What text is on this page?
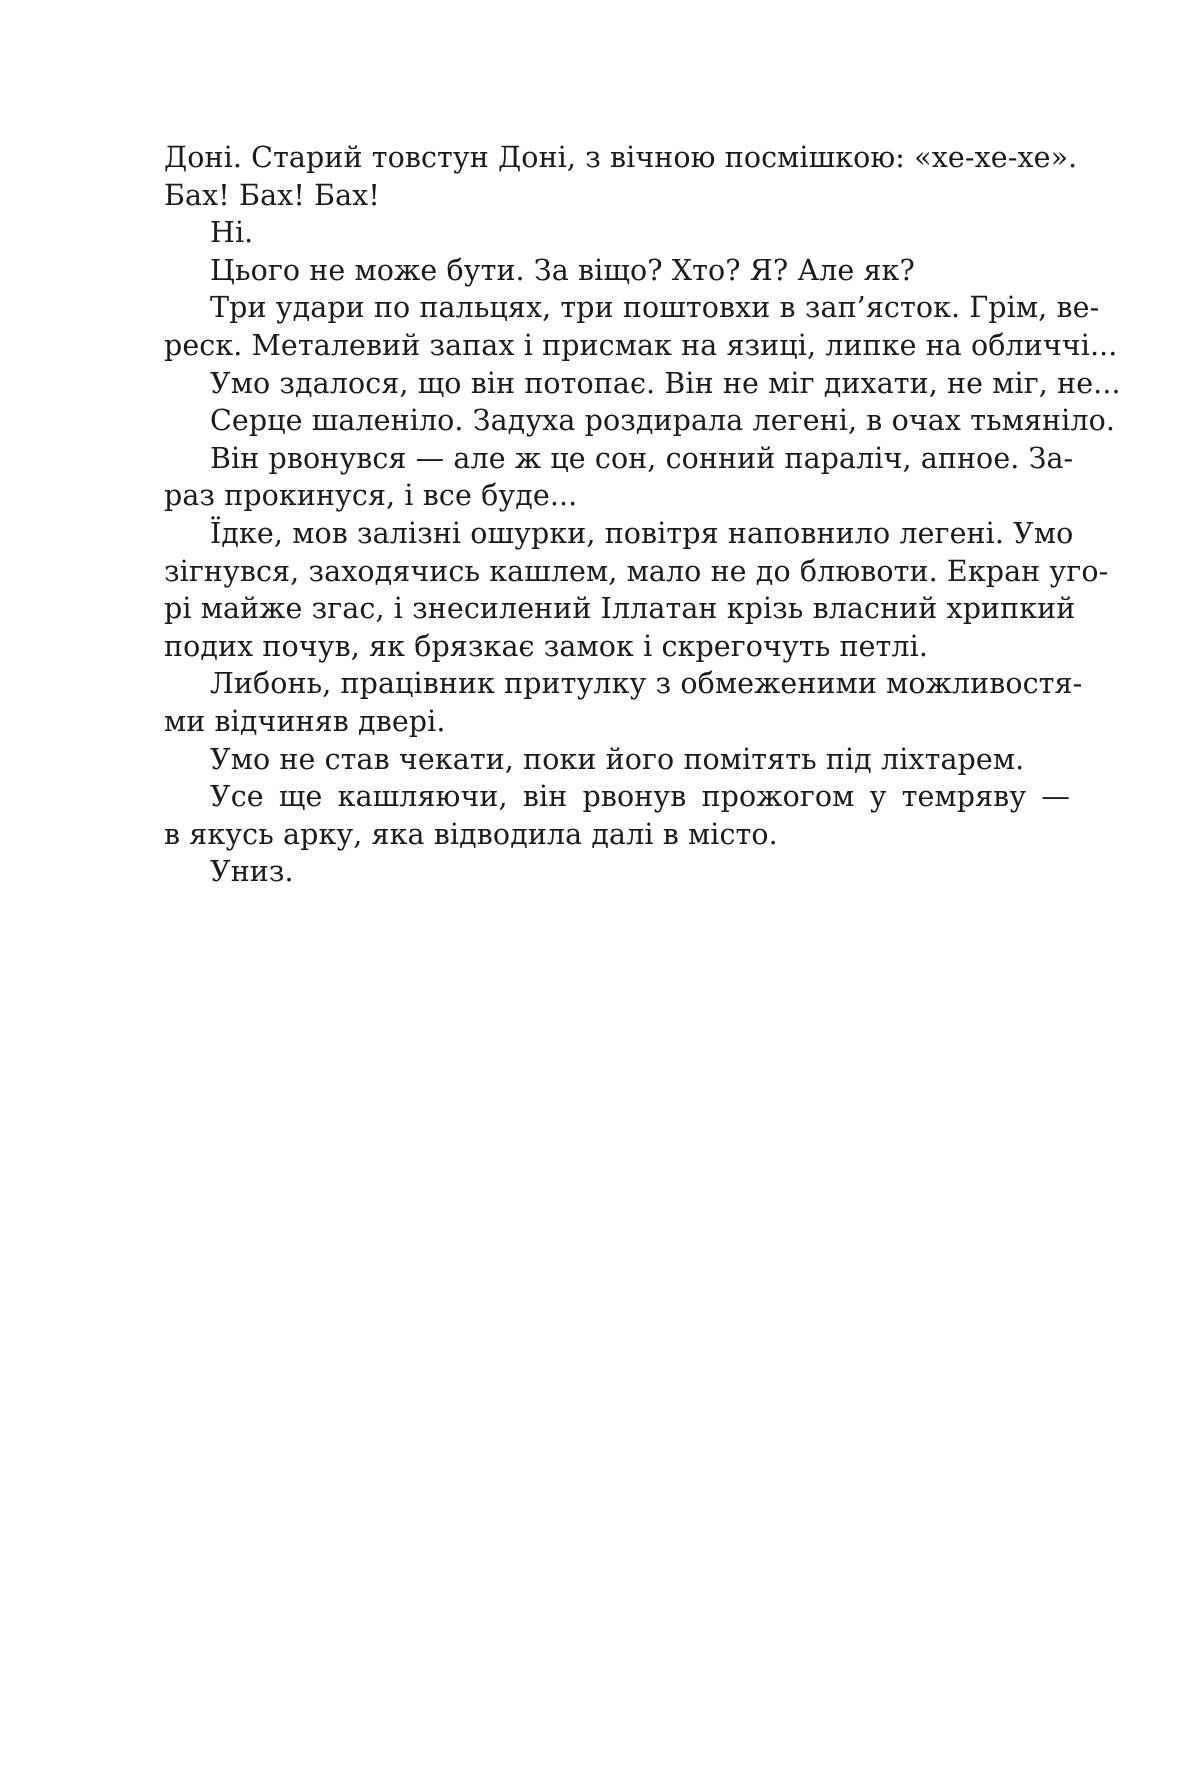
Доні. Старий товстун Доні, з вічною посмішкою: «хе-хе-хе».
Бах! Бах! Бах!
Ні.
Цього не може бути. За віщо? Хто? Я? Але як?
Три удари по пальцях, три поштовхи в зап’ясток. Грім, ве-
реск. Металевий запах і присмак на язиці, липке на обличчі...
Умо здалося, що він потопає. Він не міг дихати, не міг, не...
Серце шаленіло. Задуха роздирала легені, в очах тьмяніло.
Він рвонувся — але ж це сон, сонний параліч, апное. За-
раз прокинуся, і все буде...
Їдке, мов залізні ошурки, повітря наповнило легені. Умо
зігнувся, заходячись кашлем, мало не до блювоти. Екран уго-
рі майже згас, і знесилений Іллатан крізь власний хрипкий
подих почув, як брязкає замок і скрегочуть петлі.
Либонь, працівник притулку з обмеженими можливостя-
ми відчиняв двері.
Умо не став чекати, поки його помітять під ліхтарем.
Усе ще кашляючи, він рвонув прожогом у темряву —
в якусь арку, яка відводила далі в місто.
Униз.
